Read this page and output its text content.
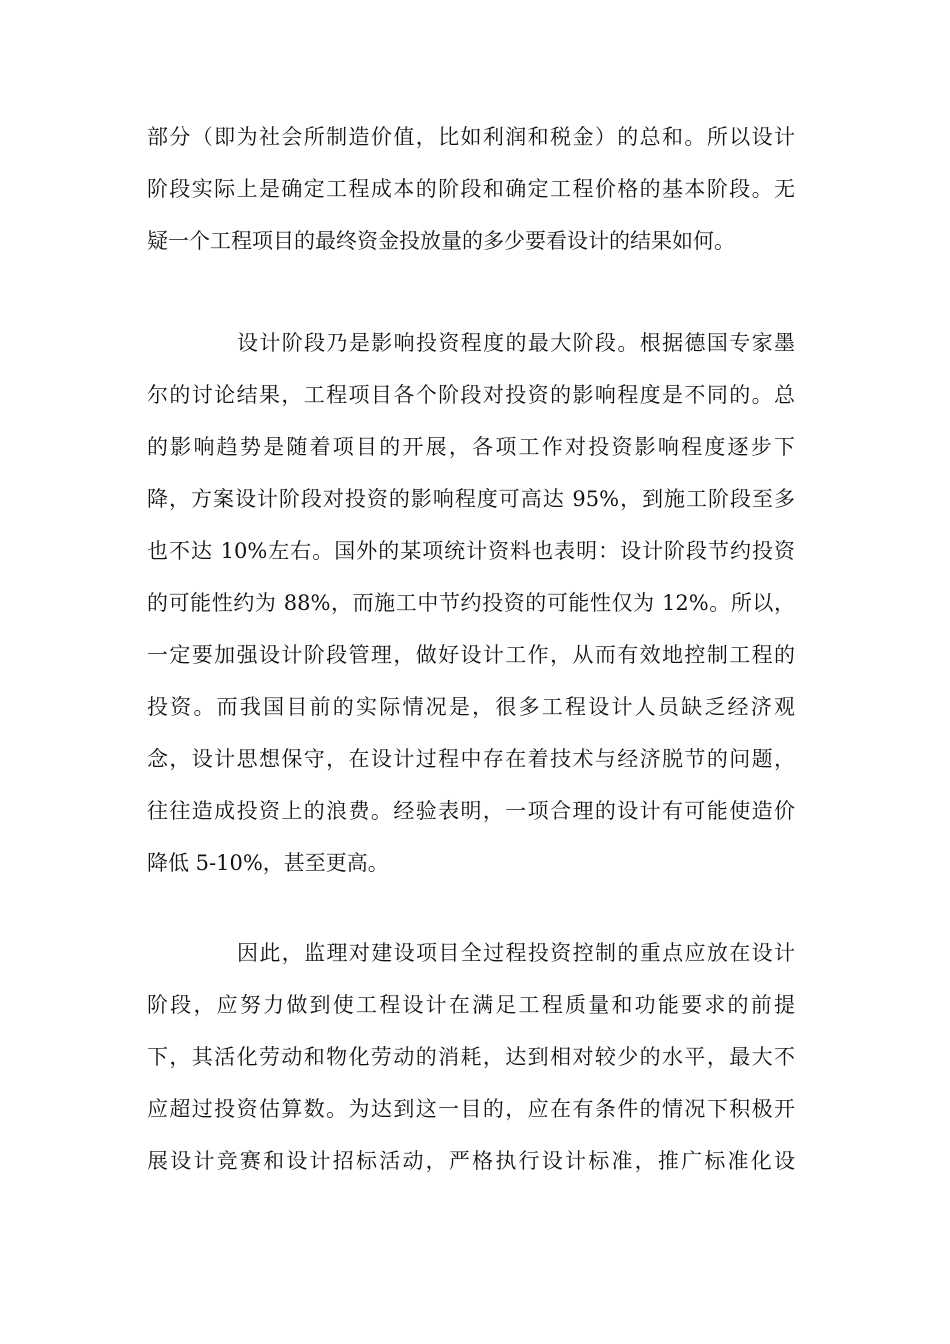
部分（即为社会所制造价值，比如利润和税金）的总和。所以设计
阶段实际上是确定工程成本的阶段和确定工程价格的基本阶段。无
疑一个工程项目的最终资金投放量的多少要看设计的结果如何。
设计阶段乃是影响投资程度的最大阶段。根据德国专家墨
尔的讨论结果，工程项目各个阶段对投资的影响程度是不同的。总
的影响趋势是随着项目的开展，各项工作对投资影响程度逐步下
降，方案设计阶段对投资的影响程度可高达 95%，到施工阶段至多
也不达 10%左右。国外的某项统计资料也表明：设计阶段节约投资
的可能性约为 88%，而施工中节约投资的可能性仅为 12%。所以，
一定要加强设计阶段管理，做好设计工作，从而有效地控制工程的
投资。而我国目前的实际情况是，很多工程设计人员缺乏经济观
念，设计思想保守，在设计过程中存在着技术与经济脱节的问题，
往往造成投资上的浪费。经验表明，一项合理的设计有可能使造价
降低 5-10%，甚至更高。
因此，监理对建设项目全过程投资控制的重点应放在设计
阶段，应努力做到使工程设计在满足工程质量和功能要求的前提
下，其活化劳动和物化劳动的消耗，达到相对较少的水平，最大不
应超过投资估算数。为达到这一目的，应在有条件的情况下积极开
展设计竞赛和设计招标活动，严格执行设计标准，推广标准化设
